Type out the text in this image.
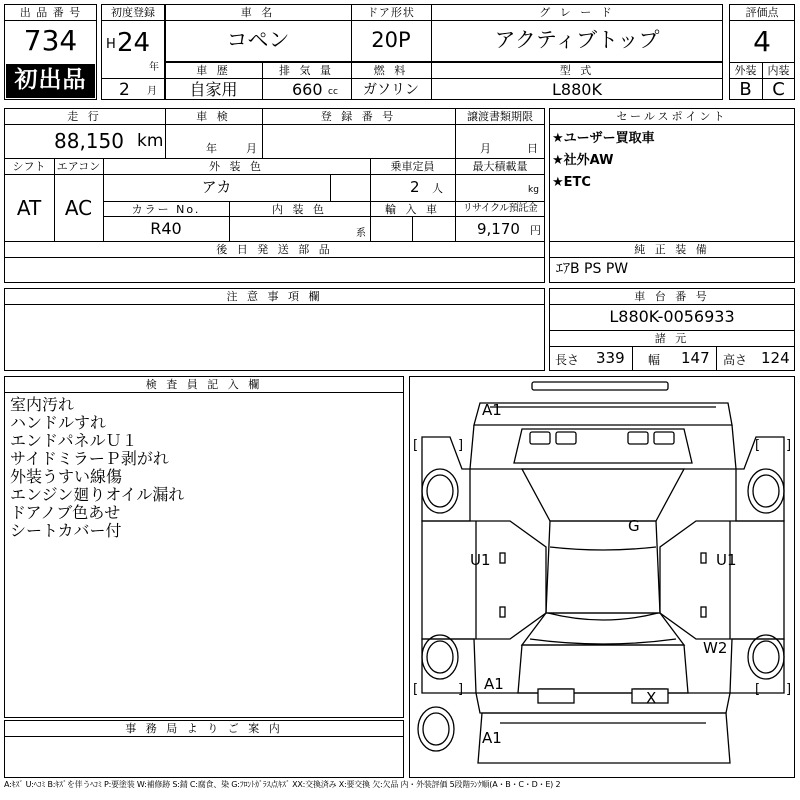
出 品 番 号
734
初出品
初度登録
H 24
年
2 月
車 名
コペン
ドア形状
20P
グ レ ー ド
アクティブトップ
車 歴
自家用
排 気 量
660 cc
燃 料
ガソリン
型 式
L880K
評価点
4
外装	内装
B	C
走 行
88,150 km
車 検
年	月
登 録 番 号	譲渡書類期限
月	日
シフト	エアコン
AT	AC
外 装 色
アカ
乗車定員
2 人
最大積載量
kg
カラー No.
R40
内 装 色
系
輸 入 車	リサイクル預託金
9,170 円
後 日 発 送 部 品
セールスポイント
★ユーザー買取車
★社外AW
★ETC
純 正 装 備
ｴｱB PS PW
注 意 事 項 欄	車 台 番 号
L880K-0056933
諸 元
長さ 339 幅 147 高さ 124
検 査 員 記 入 欄
室内汚れ
ハンドルすれ
エンドパネルＵ１
サイドミラーＰ剥がれ
外装うすい線傷
エンジン廻りオイル漏れ
ドアノブ色あせ
シートカバー付
事 務 局 よ り ご 案 内
[	]	[ ]
[	]	[ ]
A1
U1	U1
G
W2
A1
X
A1
A:ｷｽﾞ U:ﾍｺﾐ B:ｷｽﾞを伴うﾍｺﾐ P:要塗装 W:補修跡 S:錆 C:腐食、染 G:ﾌﾛﾝﾄｶﾞﾗｽ点ｷｽﾞ XX:交換済み X:要交換 欠:欠品 内・外装評価 5段階ﾗﾝｸ順(A・B・C・D・E) 2
